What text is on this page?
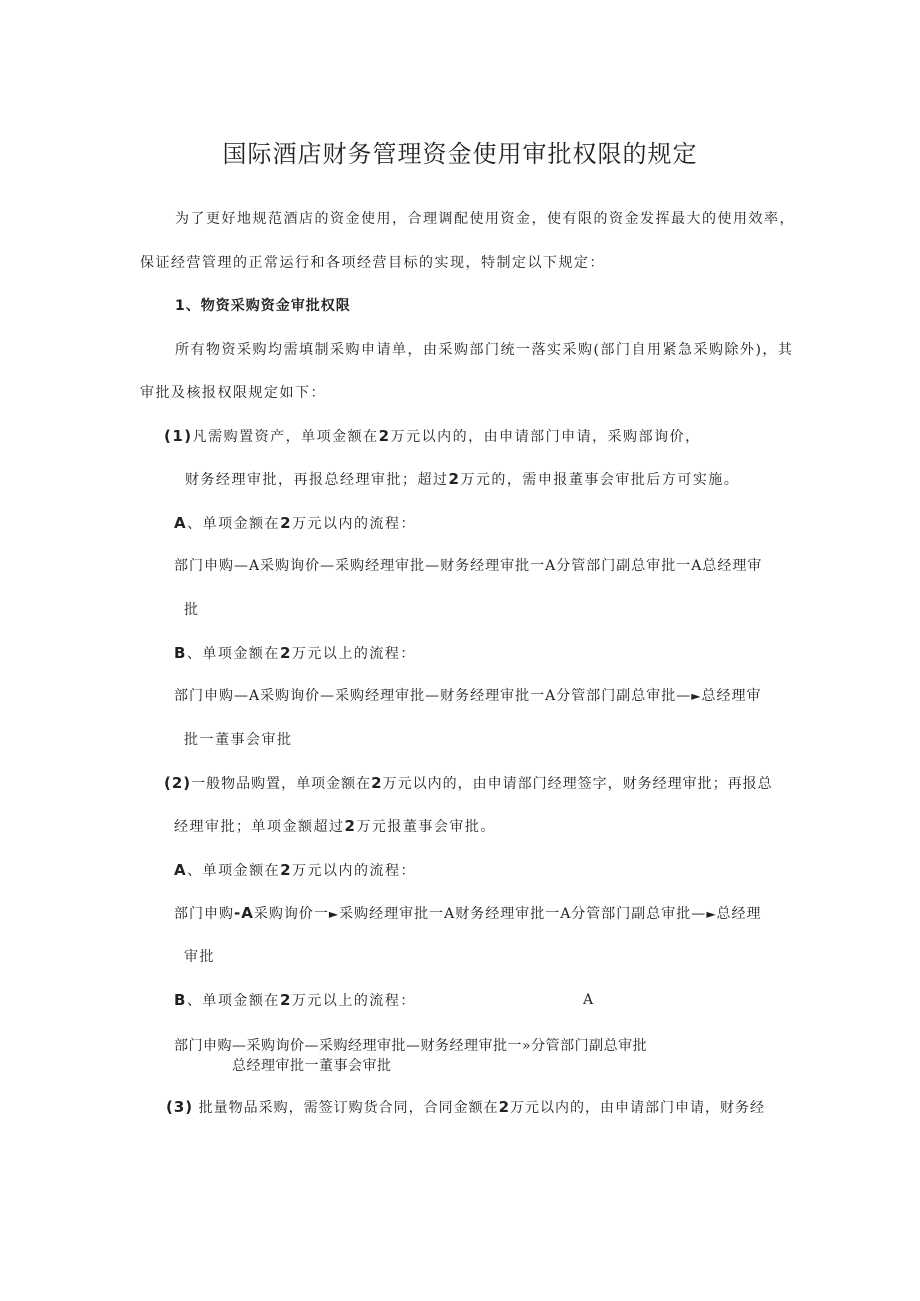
国际酒店财务管理资金使用审批权限的规定
为了更好地规范酒店的资金使用，合理调配使用资金，使有限的资金发挥最大的使用效率，
保证经营管理的正常运行和各项经营目标的实现，特制定以下规定：
1、物资采购资金审批权限
所有物资采购均需填制采购申请单，由采购部门统一落实采购(部门自用紧急采购除外)，其
审批及核报权限规定如下：
(1)凡需购置资产，单项金额在2万元以内的，由申请部门申请，采购部询价，
财务经理审批，再报总经理审批；超过2万元的，需申报董事会审批后方可实施。
A、单项金额在2万元以内的流程：
部门申购—A采购询价—采购经理审批—财务经理审批一A分管部门副总审批一A总经理审
批
B、单项金额在2万元以上的流程：
部门申购—A采购询价—采购经理审批—财务经理审批一A分管部门副总审批—►总经理审
批一董事会审批
(2)一般物品购置，单项金额在2万元以内的，由申请部门经理签字，财务经理审批；再报总
经理审批；单项金额超过2万元报董事会审批。
A、单项金额在2万元以内的流程：
部门申购-A采购询价一►采购经理审批一A财务经理审批一A分管部门副总审批—►总经理
审批
B、单项金额在2万元以上的流程：	A
部门申购—采购询价—采购经理审批—财务经理审批一»分管部门副总审批
总经理审批一董事会审批
(3) 批量物品采购，需签订购货合同，合同金额在2万元以内的，由申请部门申请，财务经
